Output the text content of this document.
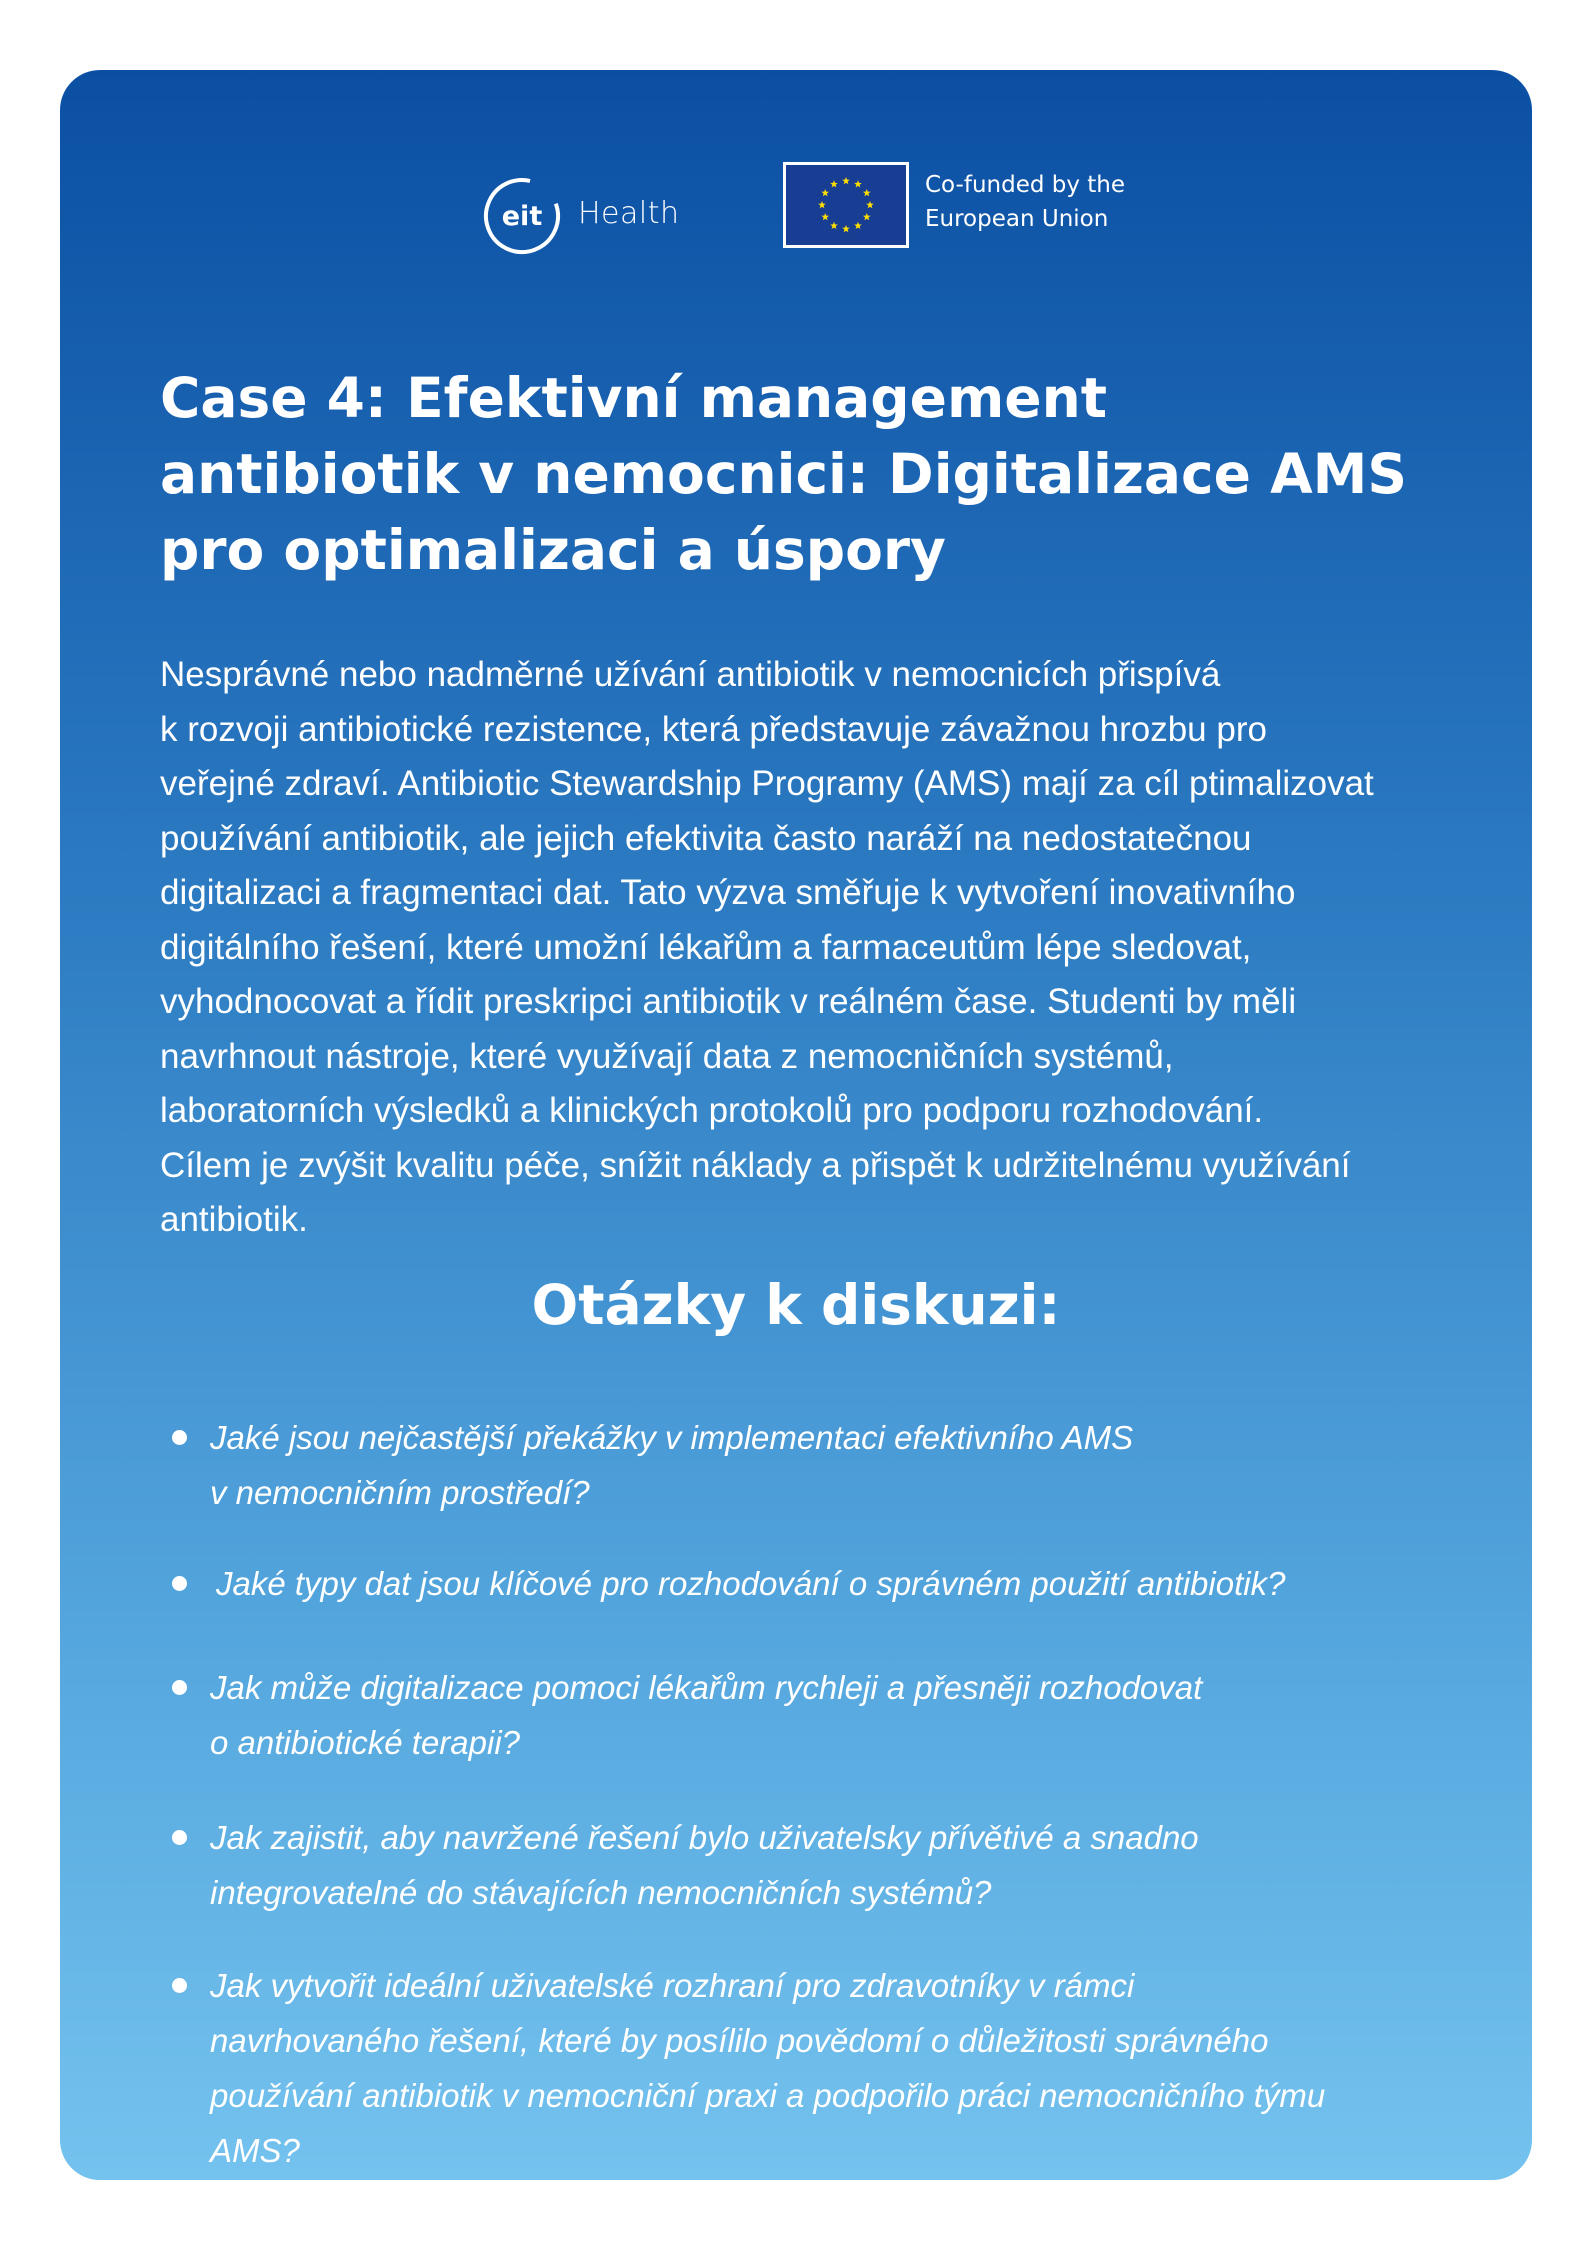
eit Health
Co-funded by the
European Union
Case 4: Efektivní management
antibiotik v nemocnici: Digitalizace AMS
pro optimalizaci a úspory
Nesprávné nebo nadměrné užívání antibiotik v nemocnicích přispívá
k rozvoji antibiotické rezistence, která představuje závažnou hrozbu pro
veřejné zdraví. Antibiotic Stewardship Programy (AMS) mají za cíl ptimalizovat
používání antibiotik, ale jejich efektivita často naráží na nedostatečnou
digitalizaci a fragmentaci dat. Tato výzva směřuje k vytvoření inovativního
digitálního řešení, které umožní lékařům a farmaceutům lépe sledovat,
vyhodnocovat a řídit preskripci antibiotik v reálném čase. Studenti by měli
navrhnout nástroje, které využívají data z nemocničních systémů,
laboratorních výsledků a klinických protokolů pro podporu rozhodování.
Cílem je zvýšit kvalitu péče, snížit náklady a přispět k udržitelnému využívání
antibiotik.
Otázky k diskuzi:
Jaké jsou nejčastější překážky v implementaci efektivního AMS
v nemocničním prostředí?
Jaké typy dat jsou klíčové pro rozhodování o správném použití antibiotik?
Jak může digitalizace pomoci lékařům rychleji a přesněji rozhodovat
o antibiotické terapii?
Jak zajistit, aby navržené řešení bylo uživatelsky přívětivé a snadno
integrovatelné do stávajících nemocničních systémů?
Jak vytvořit ideální uživatelské rozhraní pro zdravotníky v rámci
navrhovaného řešení, které by posílilo povědomí o důležitosti správného
používání antibiotik v nemocniční praxi a podpořilo práci nemocničního týmu
AMS?
